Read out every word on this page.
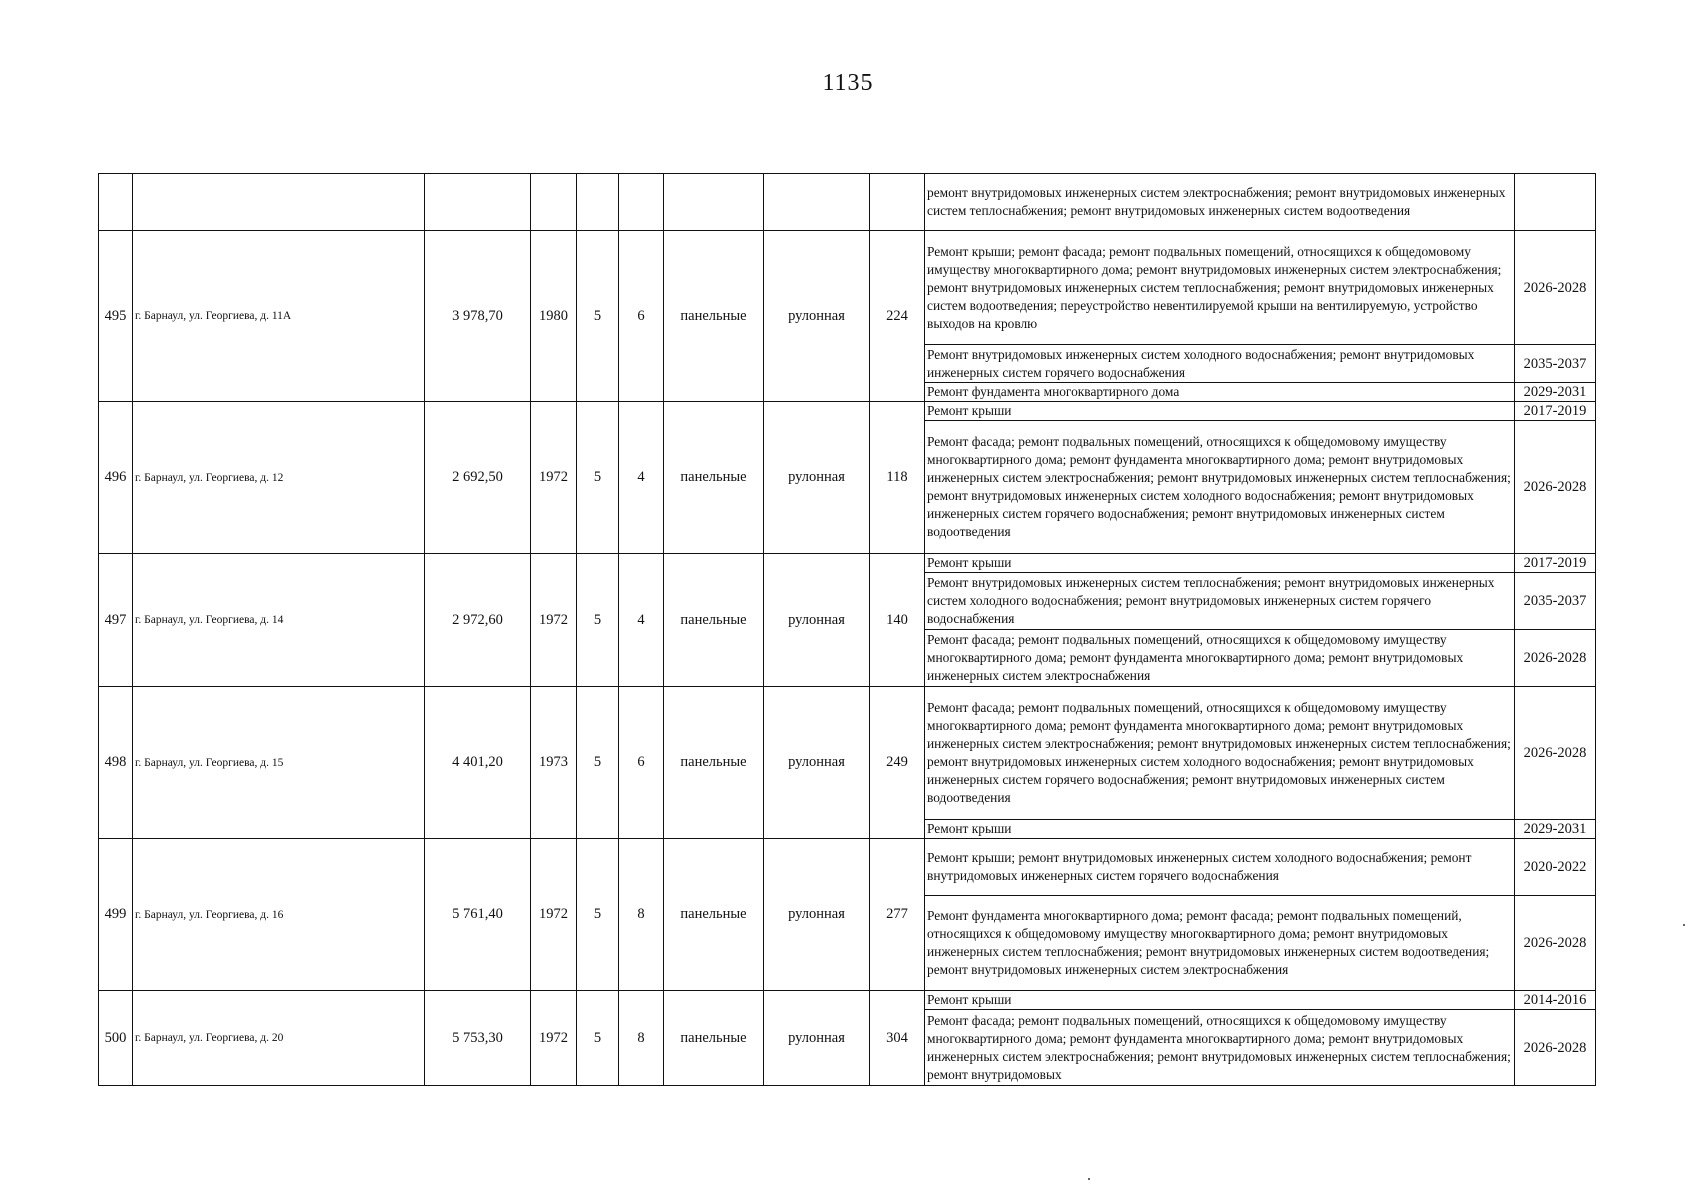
1135
									ремонт внутридомовых инженерных систем электроснабжения; ремонт внутридомовых инженерных систем теплоснабжения; ремонт внутридомовых инженерных систем водоотведения	
495	г. Барнаул, ул. Георгиева, д. 11А	3 978,70	1980	5	6	панельные	рулонная	224	Ремонт крыши; ремонт фасада; ремонт подвальных помещений, относящихся к общедомовому имуществу многоквартирного дома; ремонт внутридомовых инженерных систем электроснабжения; ремонт внутридомовых инженерных систем теплоснабжения; ремонт внутридомовых инженерных систем водоотведения; переустройство невентилируемой крыши на вентилируемую, устройство выходов на кровлю	2026-2028
									Ремонт внутридомовых инженерных систем холодного водоснабжения; ремонт внутридомовых инженерных систем горячего водоснабжения	2035-2037
									Ремонт фундамента многоквартирного дома	2029-2031
496	г. Барнаул, ул. Георгиева, д. 12	2 692,50	1972	5	4	панельные	рулонная	118	Ремонт крыши	2017-2019
									Ремонт фасада; ремонт подвальных помещений, относящихся к общедомовому имуществу многоквартирного дома; ремонт фундамента многоквартирного дома; ремонт внутридомовых инженерных систем электроснабжения; ремонт внутридомовых инженерных систем теплоснабжения; ремонт внутридомовых инженерных систем холодного водоснабжения; ремонт внутридомовых инженерных систем горячего водоснабжения; ремонт внутридомовых инженерных систем водоотведения	2026-2028
497	г. Барнаул, ул. Георгиева, д. 14	2 972,60	1972	5	4	панельные	рулонная	140	Ремонт крыши	2017-2019
									Ремонт внутридомовых инженерных систем теплоснабжения; ремонт внутридомовых инженерных систем холодного водоснабжения; ремонт внутридомовых инженерных систем горячего водоснабжения	2035-2037
									Ремонт фасада; ремонт подвальных помещений, относящихся к общедомовому имуществу многоквартирного дома; ремонт фундамента многоквартирного дома; ремонт внутридомовых инженерных систем электроснабжения	2026-2028
498	г. Барнаул, ул. Георгиева, д. 15	4 401,20	1973	5	6	панельные	рулонная	249	Ремонт фасада; ремонт подвальных помещений, относящихся к общедомовому имуществу многоквартирного дома; ремонт фундамента многоквартирного дома; ремонт внутридомовых инженерных систем электроснабжения; ремонт внутридомовых инженерных систем теплоснабжения; ремонт внутридомовых инженерных систем холодного водоснабжения; ремонт внутридомовых инженерных систем горячего водоснабжения; ремонт внутридомовых инженерных систем водоотведения	2026-2028
									Ремонт крыши	2029-2031
499	г. Барнаул, ул. Георгиева, д. 16	5 761,40	1972	5	8	панельные	рулонная	277	Ремонт крыши; ремонт внутридомовых инженерных систем холодного водоснабжения; ремонт внутридомовых инженерных систем горячего водоснабжения	2020-2022
									Ремонт фундамента многоквартирного дома; ремонт фасада; ремонт подвальных помещений, относящихся к общедомовому имуществу многоквартирного дома; ремонт внутридомовых инженерных систем теплоснабжения; ремонт внутридомовых инженерных систем водоотведения; ремонт внутридомовых инженерных систем электроснабжения	2026-2028
500	г. Барнаул, ул. Георгиева, д. 20	5 753,30	1972	5	8	панельные	рулонная	304	Ремонт крыши	2014-2016
									Ремонт фасада; ремонт подвальных помещений, относящихся к общедомовому имуществу многоквартирного дома; ремонт фундамента многоквартирного дома; ремонт внутридомовых инженерных систем электроснабжения; ремонт внутридомовых инженерных систем теплоснабжения; ремонт внутридомовых	2026-2028
